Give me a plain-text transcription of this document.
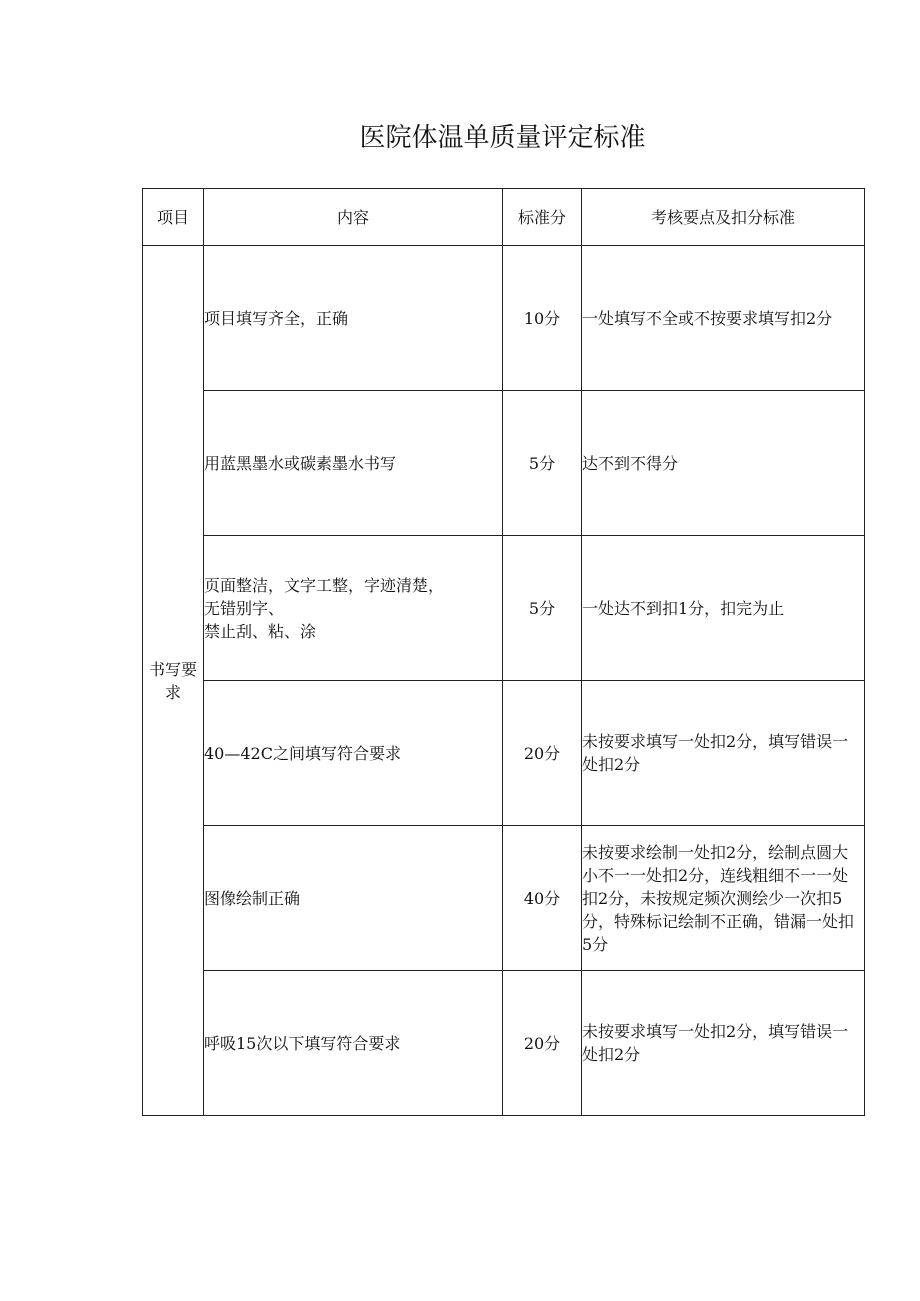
医院体温单质量评定标准
项目	内容	标准分	考核要点及扣分标准
书写要求	项目填写齐全，正确	10分	一处填写不全或不按要求填写扣2分

	用蓝黑墨水或碳素墨水书写	5分	达不到不得分

	页面整洁，文字工整，字迹清楚，
无错别字、
禁止刮、粘、涂	5分	一处达不到扣1分，扣完为止

	40—42C之间填写符合要求	20分	未按要求填写一处扣2分，填写错误一处扣2分

	图像绘制正确	40分	未按要求绘制一处扣2分，绘制点圆大小不一一处扣2分，连线粗细不一一处扣2分，未按规定频次测绘少一次扣5分，特殊标记绘制不正确，错漏一处扣5分

	呼吸15次以下填写符合要求	20分	未按要求填写一处扣2分，填写错误一处扣2分
